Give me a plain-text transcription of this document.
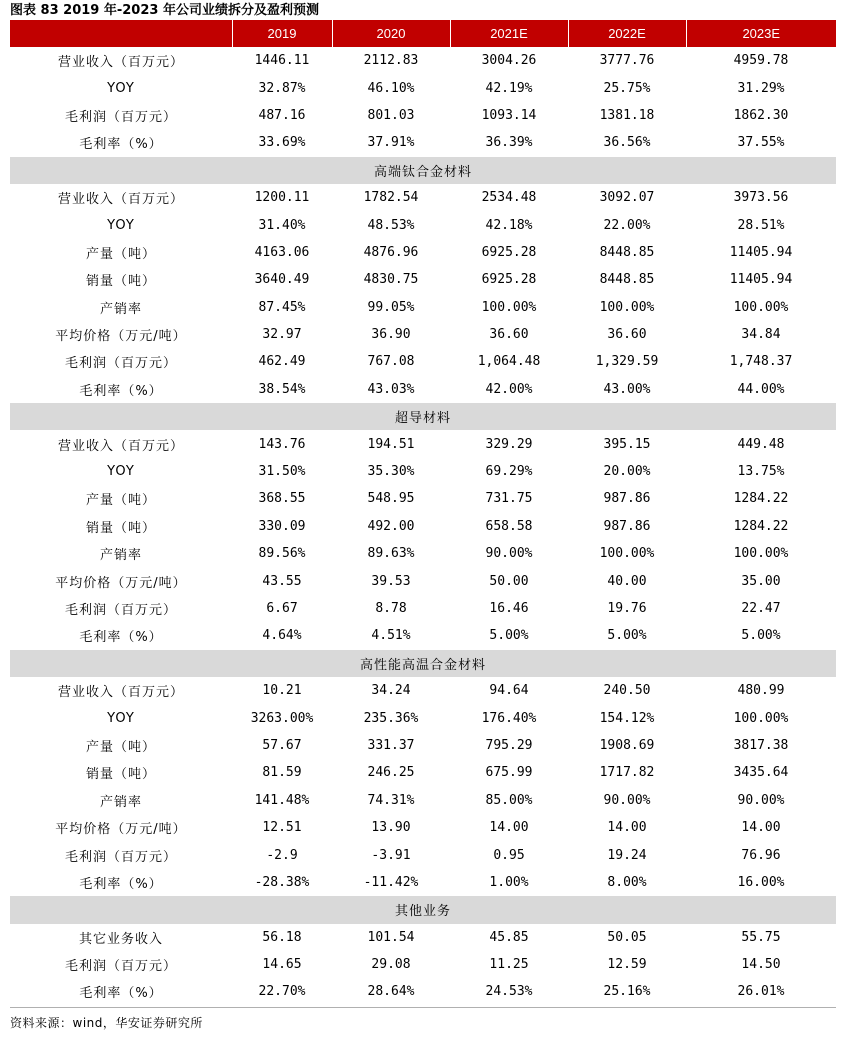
图表 83 2019 年-2023 年公司业绩拆分及盈利预测
	2019	2020	2021E	2022E	2023E
营业收入（百万元）	1446.11	2112.83	3004.26	3777.76	4959.78
YOY	32.87%	46.10%	42.19%	25.75%	31.29%
毛利润（百万元）	487.16	801.03	1093.14	1381.18	1862.30
毛利率（%）	33.69%	37.91%	36.39%	36.56%	37.55%
高端钛合金材料					
营业收入（百万元）	1200.11	1782.54	2534.48	3092.07	3973.56
YOY	31.40%	48.53%	42.18%	22.00%	28.51%
产量（吨）	4163.06	4876.96	6925.28	8448.85	11405.94
销量（吨）	3640.49	4830.75	6925.28	8448.85	11405.94
产销率	87.45%	99.05%	100.00%	100.00%	100.00%
平均价格（万元/吨）	32.97	36.90	36.60	36.60	34.84
毛利润（百万元）	462.49	767.08	1,064.48	1,329.59	1,748.37
毛利率（%）	38.54%	43.03%	42.00%	43.00%	44.00%
超导材料					
营业收入（百万元）	143.76	194.51	329.29	395.15	449.48
YOY	31.50%	35.30%	69.29%	20.00%	13.75%
产量（吨）	368.55	548.95	731.75	987.86	1284.22
销量（吨）	330.09	492.00	658.58	987.86	1284.22
产销率	89.56%	89.63%	90.00%	100.00%	100.00%
平均价格（万元/吨）	43.55	39.53	50.00	40.00	35.00
毛利润（百万元）	6.67	8.78	16.46	19.76	22.47
毛利率（%）	4.64%	4.51%	5.00%	5.00%	5.00%
高性能高温合金材料					
营业收入（百万元）	10.21	34.24	94.64	240.50	480.99
YOY	3263.00%	235.36%	176.40%	154.12%	100.00%
产量（吨）	57.67	331.37	795.29	1908.69	3817.38
销量（吨）	81.59	246.25	675.99	1717.82	3435.64
产销率	141.48%	74.31%	85.00%	90.00%	90.00%
平均价格（万元/吨）	12.51	13.90	14.00	14.00	14.00
毛利润（百万元）	-2.9	-3.91	0.95	19.24	76.96
毛利率（%）	-28.38%	-11.42%	1.00%	8.00%	16.00%
其他业务					
其它业务收入	56.18	101.54	45.85	50.05	55.75
毛利润（百万元）	14.65	29.08	11.25	12.59	14.50
毛利率（%）	22.70%	28.64%	24.53%	25.16%	26.01%
资料来源：wind，华安证券研究所
